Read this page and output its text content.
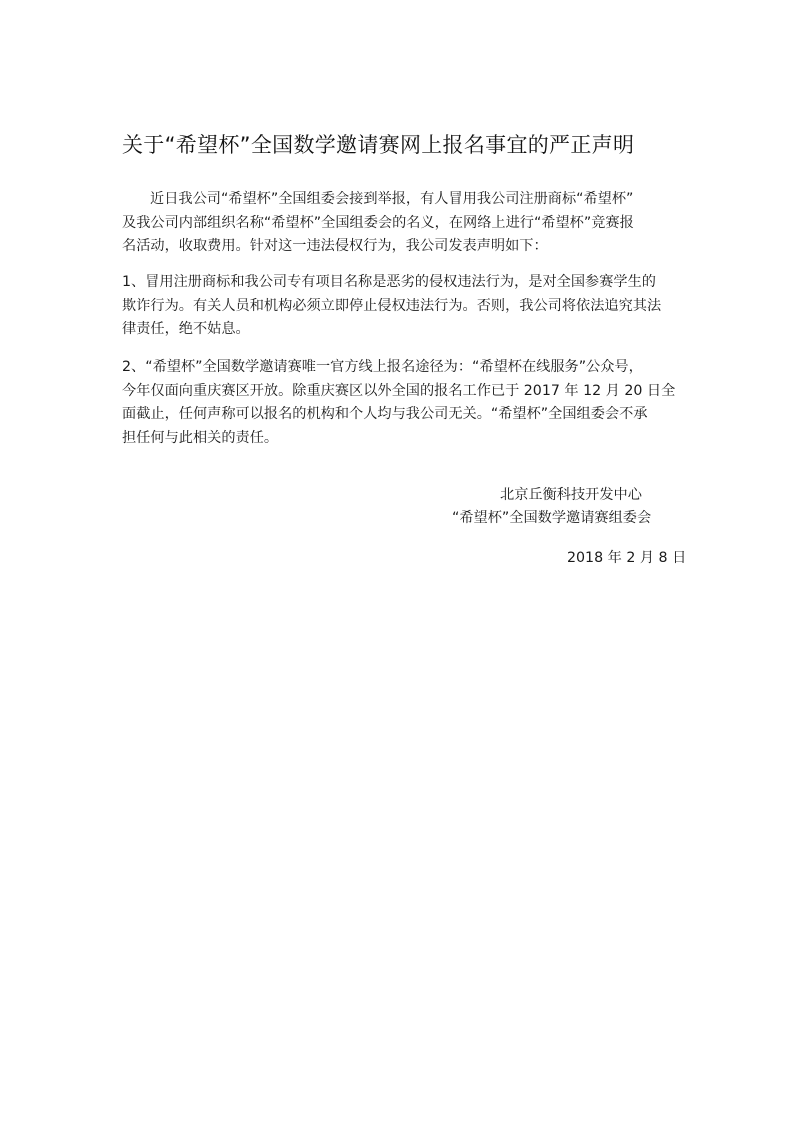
关于“希望杯”全国数学邀请赛网上报名事宜的严正声明

近日我公司“希望杯”全国组委会接到举报，有人冒用我公司注册商标“希望杯”
及我公司内部组织名称“希望杯”全国组委会的名义，在网络上进行“希望杯”竞赛报
名活动，收取费用。针对这一违法侵权行为，我公司发表声明如下：

1、冒用注册商标和我公司专有项目名称是恶劣的侵权违法行为，是对全国参赛学生的
欺诈行为。有关人员和机构必须立即停止侵权违法行为。否则，我公司将依法追究其法
律责任，绝不姑息。

2、“希望杯”全国数学邀请赛唯一官方线上报名途径为：“希望杯在线服务”公众号，
今年仅面向重庆赛区开放。除重庆赛区以外全国的报名工作已于 2017 年 12 月 20 日全
面截止，任何声称可以报名的机构和个人均与我公司无关。“希望杯”全国组委会不承
担任何与此相关的责任。

北京丘衡科技开发中心
“希望杯”全国数学邀请赛组委会
2018 年 2 月 8 日
